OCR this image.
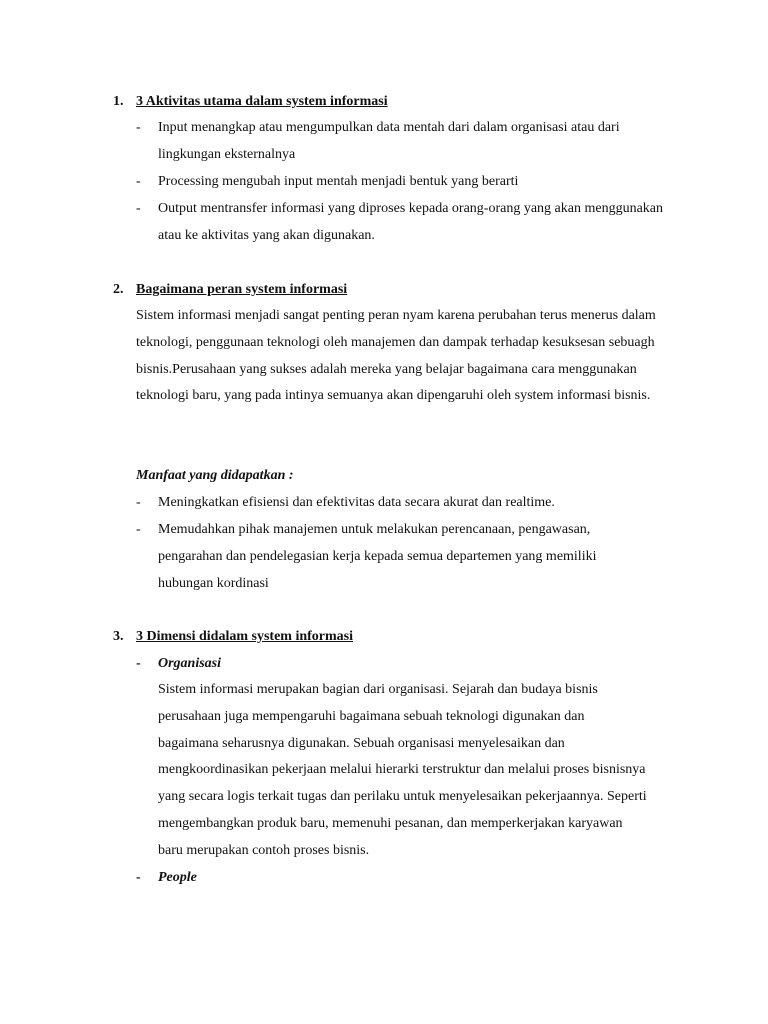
1. 3 Aktivitas utama dalam system informasi
- Input menangkap atau mengumpulkan data mentah dari dalam organisasi atau dari lingkungan eksternalnya
- Processing mengubah input mentah menjadi bentuk yang berarti
- Output mentransfer informasi yang diproses kepada orang-orang yang akan menggunakan atau ke aktivitas yang akan digunakan.
2. Bagaimana peran system informasi
Sistem informasi menjadi sangat penting peran nyam karena perubahan terus menerus dalam teknologi, penggunaan teknologi oleh manajemen dan dampak terhadap kesuksesan sebuagh bisnis.Perusahaan yang sukses adalah mereka yang belajar bagaimana cara menggunakan teknologi baru, yang pada intinya semuanya akan dipengaruhi oleh system informasi bisnis.
Manfaat yang didapatkan :
- Meningkatkan efisiensi dan efektivitas data secara akurat dan realtime.
- Memudahkan pihak manajemen untuk melakukan perencanaan, pengawasan, pengarahan dan pendelegasian kerja kepada semua departemen yang memiliki hubungan kordinasi
3. 3 Dimensi didalam system informasi
- Organisasi
Sistem informasi merupakan bagian dari organisasi. Sejarah dan budaya bisnis perusahaan juga mempengaruhi bagaimana sebuah teknologi digunakan dan bagaimana seharusnya digunakan. Sebuah organisasi menyelesaikan dan mengkoordinasikan pekerjaan melalui hierarki terstruktur dan melalui proses bisnisnya yang secara logis terkait tugas dan perilaku untuk menyelesaikan pekerjaannya. Seperti mengembangkan produk baru, memenuhi pesanan, dan memperkerjakan karyawan baru merupakan contoh proses bisnis.
- People
